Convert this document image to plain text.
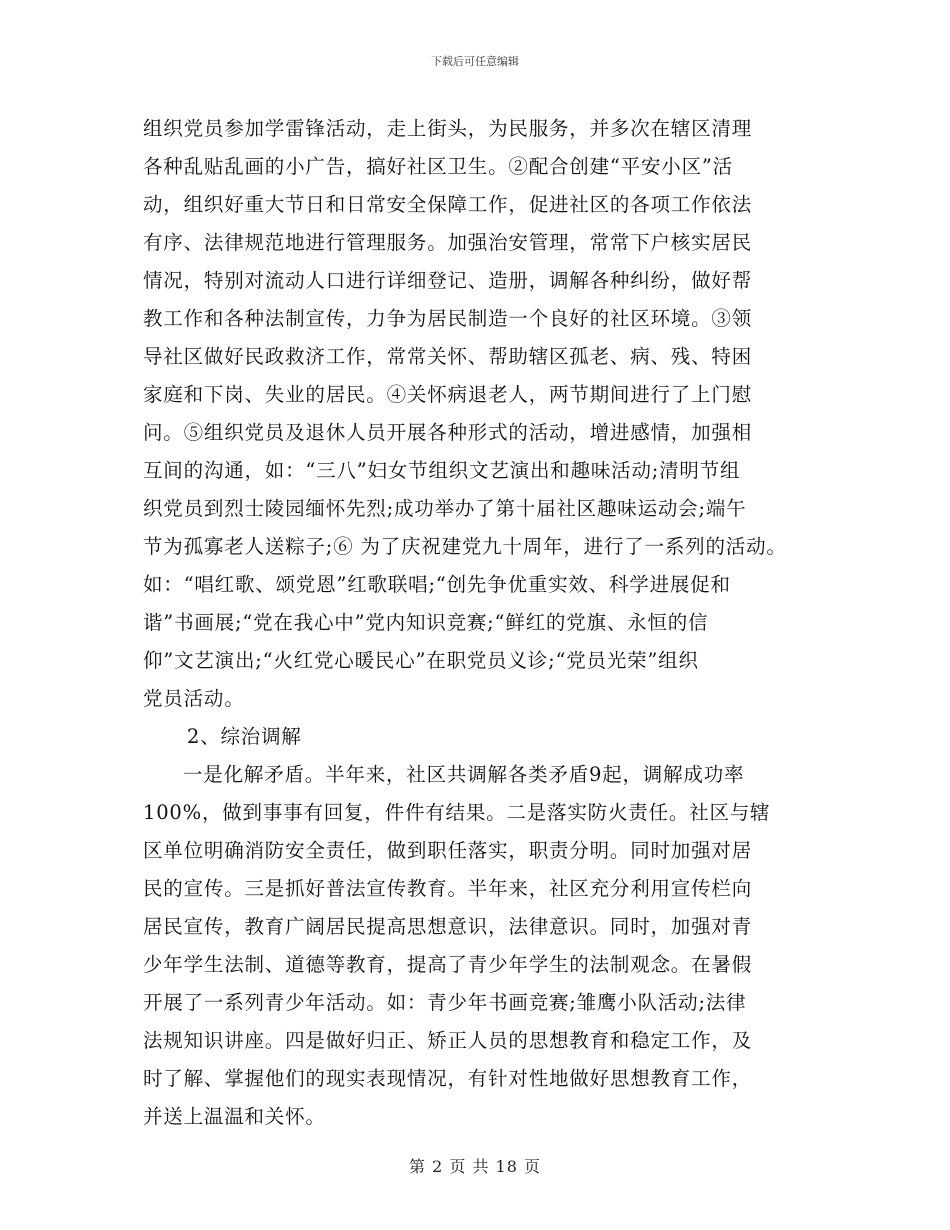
下载后可任意编辑
组织党员参加学雷锋活动，走上街头，为民服务，并多次在辖区清理
各种乱贴乱画的小广告，搞好社区卫生。②配合创建“平安小区”活
动，组织好重大节日和日常安全保障工作，促进社区的各项工作依法
有序、法律规范地进行管理服务。加强治安管理，常常下户核实居民
情况，特别对流动人口进行详细登记、造册，调解各种纠纷，做好帮
教工作和各种法制宣传，力争为居民制造一个良好的社区环境。③领
导社区做好民政救济工作，常常关怀、帮助辖区孤老、病、残、特困
家庭和下岗、失业的居民。④关怀病退老人，两节期间进行了上门慰
问。⑤组织党员及退休人员开展各种形式的活动，增进感情，加强相
互间的沟通，如：“三八”妇女节组织文艺演出和趣味活动;清明节组
织党员到烈士陵园缅怀先烈;成功举办了第十届社区趣味运动会;端午
节为孤寡老人送粽子;⑥ 为了庆祝建党九十周年，进行了一系列的活动。
如：“唱红歌、颂党恩”红歌联唱;“创先争优重实效、科学进展促和
谐”书画展;“党在我心中”党内知识竞赛;“鲜红的党旗、永恒的信
仰”文艺演出;“火红党心暖民心”在职党员义诊;“党员光荣”组织
党员活动。
2、综治调解
一是化解矛盾。半年来，社区共调解各类矛盾9起，调解成功率
100%，做到事事有回复，件件有结果。二是落实防火责任。社区与辖
区单位明确消防安全责任，做到职任落实，职责分明。同时加强对居
民的宣传。三是抓好普法宣传教育。半年来，社区充分利用宣传栏向
居民宣传，教育广阔居民提高思想意识，法律意识。同时，加强对青
少年学生法制、道德等教育，提高了青少年学生的法制观念。在暑假
开展了一系列青少年活动。如：青少年书画竞赛;雏鹰小队活动;法律
法规知识讲座。四是做好归正、矫正人员的思想教育和稳定工作，及
时了解、掌握他们的现实表现情况，有针对性地做好思想教育工作，
并送上温温和关怀。
第 2 页 共 18 页
